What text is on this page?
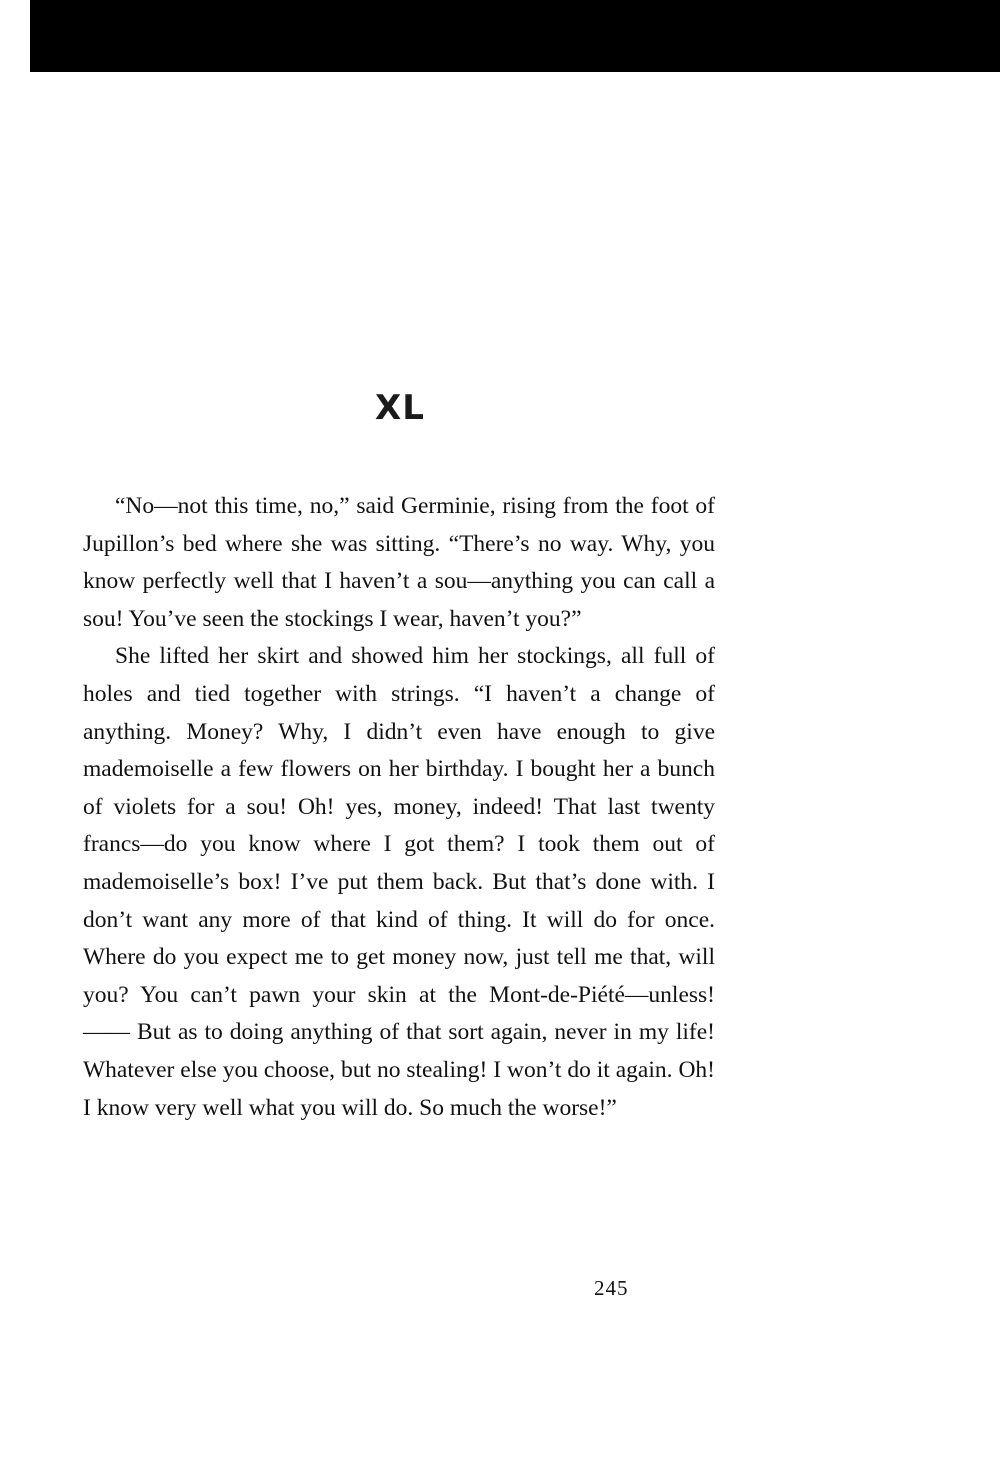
XL

“No—not this time, no,” said Germinie, rising from the foot of Jupillon’s bed where she was sitting. “There’s no way. Why, you know perfectly well that I haven’t a sou—anything you can call a sou! You’ve seen the stockings I wear, haven’t you?”

She lifted her skirt and showed him her stockings, all full of holes and tied together with strings. “I haven’t a change of anything. Money? Why, I didn’t even have enough to give mademoiselle a few flowers on her birthday. I bought her a bunch of violets for a sou! Oh! yes, money, indeed! That last twenty francs—do you know where I got them? I took them out of mademoiselle’s box! I’ve put them back. But that’s done with. I don’t want any more of that kind of thing. It will do for once. Where do you expect me to get money now, just tell me that, will you? You can’t pawn your skin at the Mont-de-Piété—unless! —— But as to doing anything of that sort again, never in my life! Whatever else you choose, but no stealing! I won’t do it again. Oh! I know very well what you will do. So much the worse!”

245
